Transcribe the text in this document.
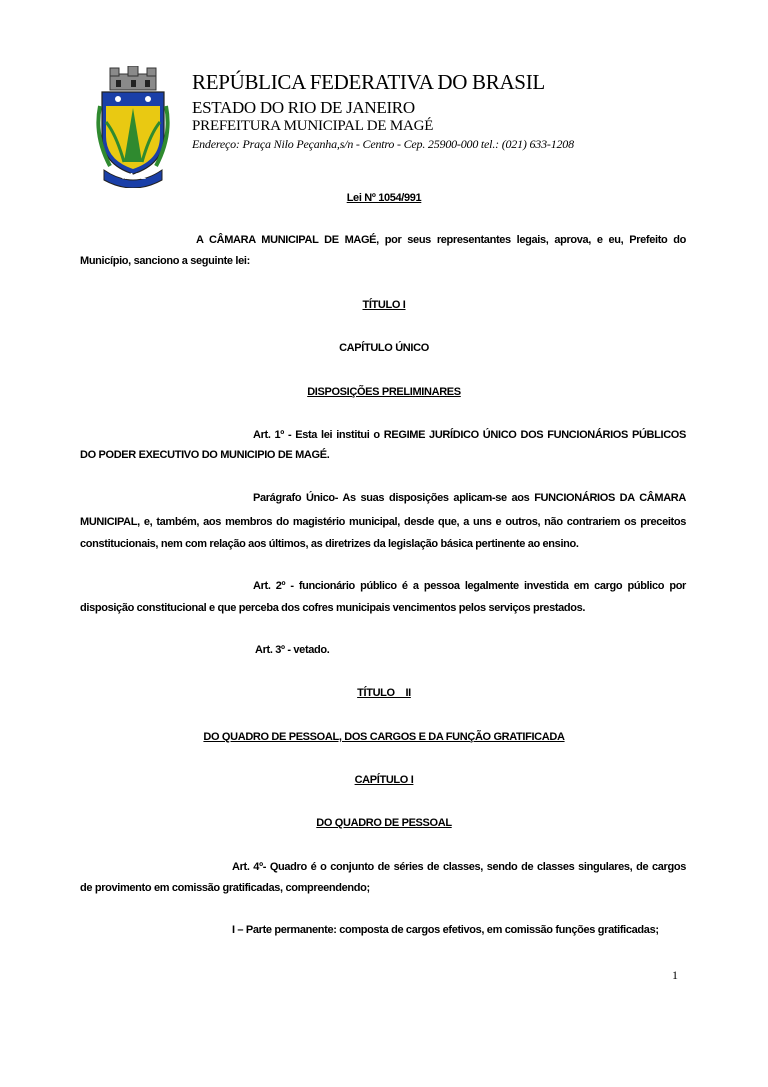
MAGÉ
REPÚBLICA FEDERATIVA DO BRASIL
ESTADO DO RIO DE JANEIRO
PREFEITURA MUNICIPAL DE MAGÉ
Endereço: Praça Nilo Peçanha,s/n - Centro - Cep. 25900-000 tel.: (021) 633-1208
Lei Nº 1054/991
A CÂMARA MUNICIPAL DE MAGÉ, por seus representantes legais, aprova, e eu, Prefeito do
Município, sanciono a seguinte lei:
TÍTULO I
CAPÍTULO ÚNICO
DISPOSIÇÕES PRELIMINARES
Art. 1º - Esta lei institui o REGIME JURÍDICO ÚNICO DOS FUNCIONÁRIOS PÚBLICOS
DO PODER EXECUTIVO DO MUNICIPIO DE MAGÉ.
Parágrafo Único- As suas disposições aplicam-se aos FUNCIONÁRIOS DA CÂMARA
MUNICIPAL, e, também, aos membros do magistério municipal, desde que, a uns e outros, não contrariem os preceitos
constitucionais, nem com relação aos últimos, as diretrizes da legislação básica pertinente ao ensino.
Art. 2º - funcionário público é a pessoa legalmente investida em cargo público por
disposição constitucional e que perceba dos cofres municipais vencimentos pelos serviços prestados.
Art. 3º - vetado.
TÍTULO II
DO QUADRO DE PESSOAL, DOS CARGOS E DA FUNÇÃO GRATIFICADA
CAPÍTULO I
DO QUADRO DE PESSOAL
Art. 4º- Quadro é o conjunto de séries de classes, sendo de classes singulares, de cargos
de provimento em comissão gratificadas, compreendendo;
I – Parte permanente: composta de cargos efetivos, em comissão funções gratificadas;
1
